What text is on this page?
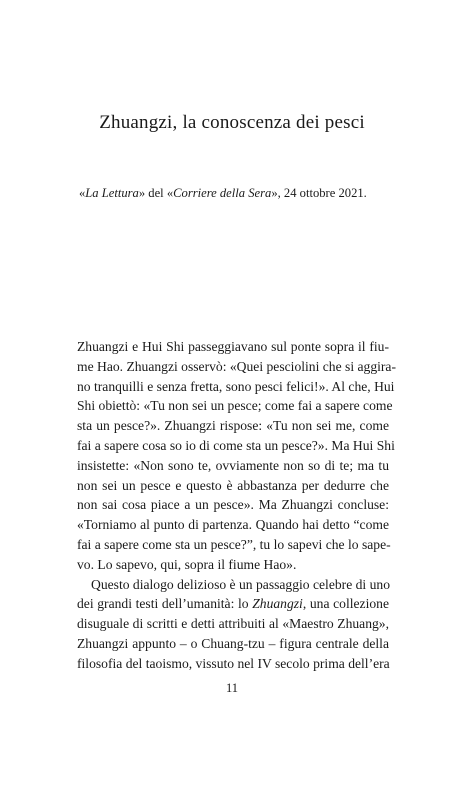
Zhuangzi, la conoscenza dei pesci

«La Lettura» del «Corriere della Sera», 24 ottobre 2021.

Zhuangzi e Hui Shi passeggiavano sul ponte sopra il fiu-
me Hao. Zhuangzi osservò: «Quei pesciolini che si aggira-
no tranquilli e senza fretta, sono pesci felici!». Al che, Hui
Shi obiettò: «Tu non sei un pesce; come fai a sapere come
sta un pesce?». Zhuangzi rispose: «Tu non sei me, come
fai a sapere cosa so io di come sta un pesce?». Ma Hui Shi
insistette: «Non sono te, ovviamente non so di te; ma tu
non sei un pesce e questo è abbastanza per dedurre che
non sai cosa piace a un pesce». Ma Zhuangzi concluse:
«Torniamo al punto di partenza. Quando hai detto “come
fai a sapere come sta un pesce?”, tu lo sapevi che lo sape-
vo. Lo sapevo, qui, sopra il fiume Hao».
Questo dialogo delizioso è un passaggio celebre di uno
dei grandi testi dell’umanità: lo Zhuangzi, una collezione
disuguale di scritti e detti attribuiti al «Maestro Zhuang»,
Zhuangzi appunto – o Chuang-tzu – figura centrale della
filosofia del taoismo, vissuto nel IV secolo prima dell’era

11
